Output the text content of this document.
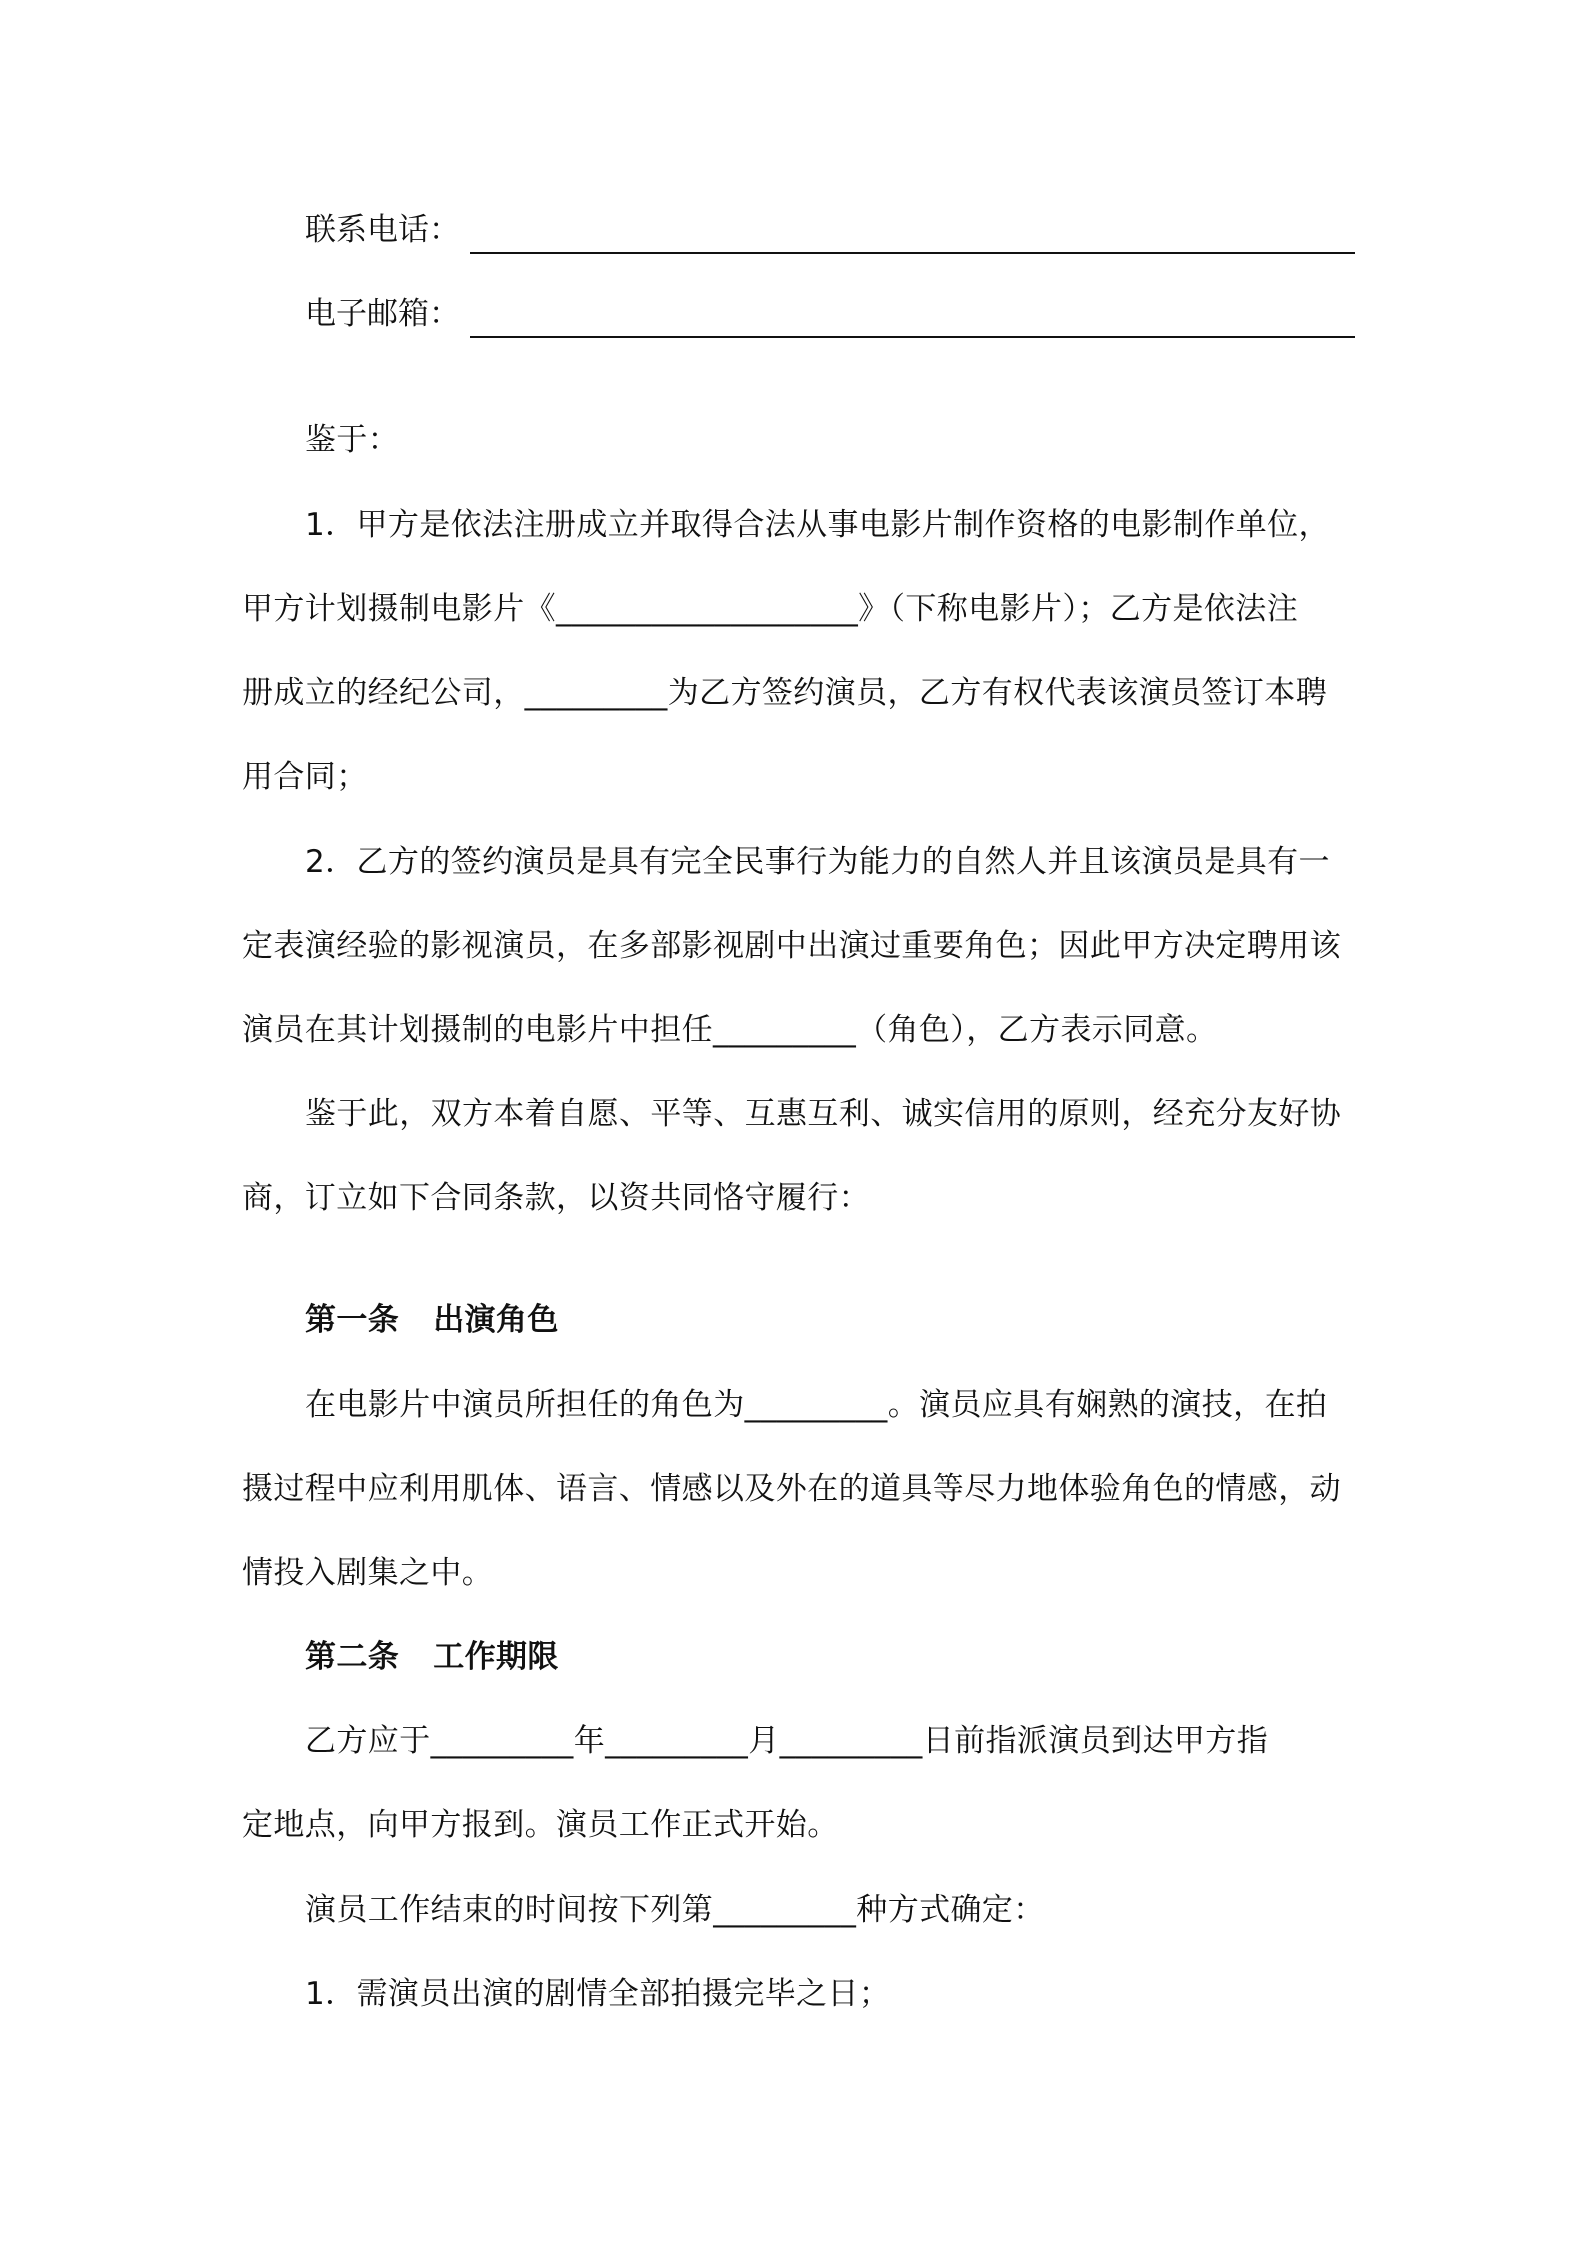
联系电话：
电子邮箱：
鉴于：
1．甲方是依法注册成立并取得合法从事电影片制作资格的电影制作单位，
甲方计划摄制电影片《___________________》（下称电影片）；乙方是依法注
册成立的经纪公司，_________为乙方签约演员，乙方有权代表该演员签订本聘
用合同；
2．乙方的签约演员是具有完全民事行为能力的自然人并且该演员是具有一
定表演经验的影视演员，在多部影视剧中出演过重要角色；因此甲方决定聘用该
演员在其计划摄制的电影片中担任_________（角色），乙方表示同意。
鉴于此，双方本着自愿、平等、互惠互利、诚实信用的原则，经充分友好协
商，订立如下合同条款，以资共同恪守履行：
第一条 出演角色
在电影片中演员所担任的角色为_________。演员应具有娴熟的演技，在拍
摄过程中应利用肌体、语言、情感以及外在的道具等尽力地体验角色的情感，动
情投入剧集之中。
第二条 工作期限
乙方应于_________年_________月_________日前指派演员到达甲方指
定地点，向甲方报到。演员工作正式开始。
演员工作结束的时间按下列第_________种方式确定：
1．需演员出演的剧情全部拍摄完毕之日；
